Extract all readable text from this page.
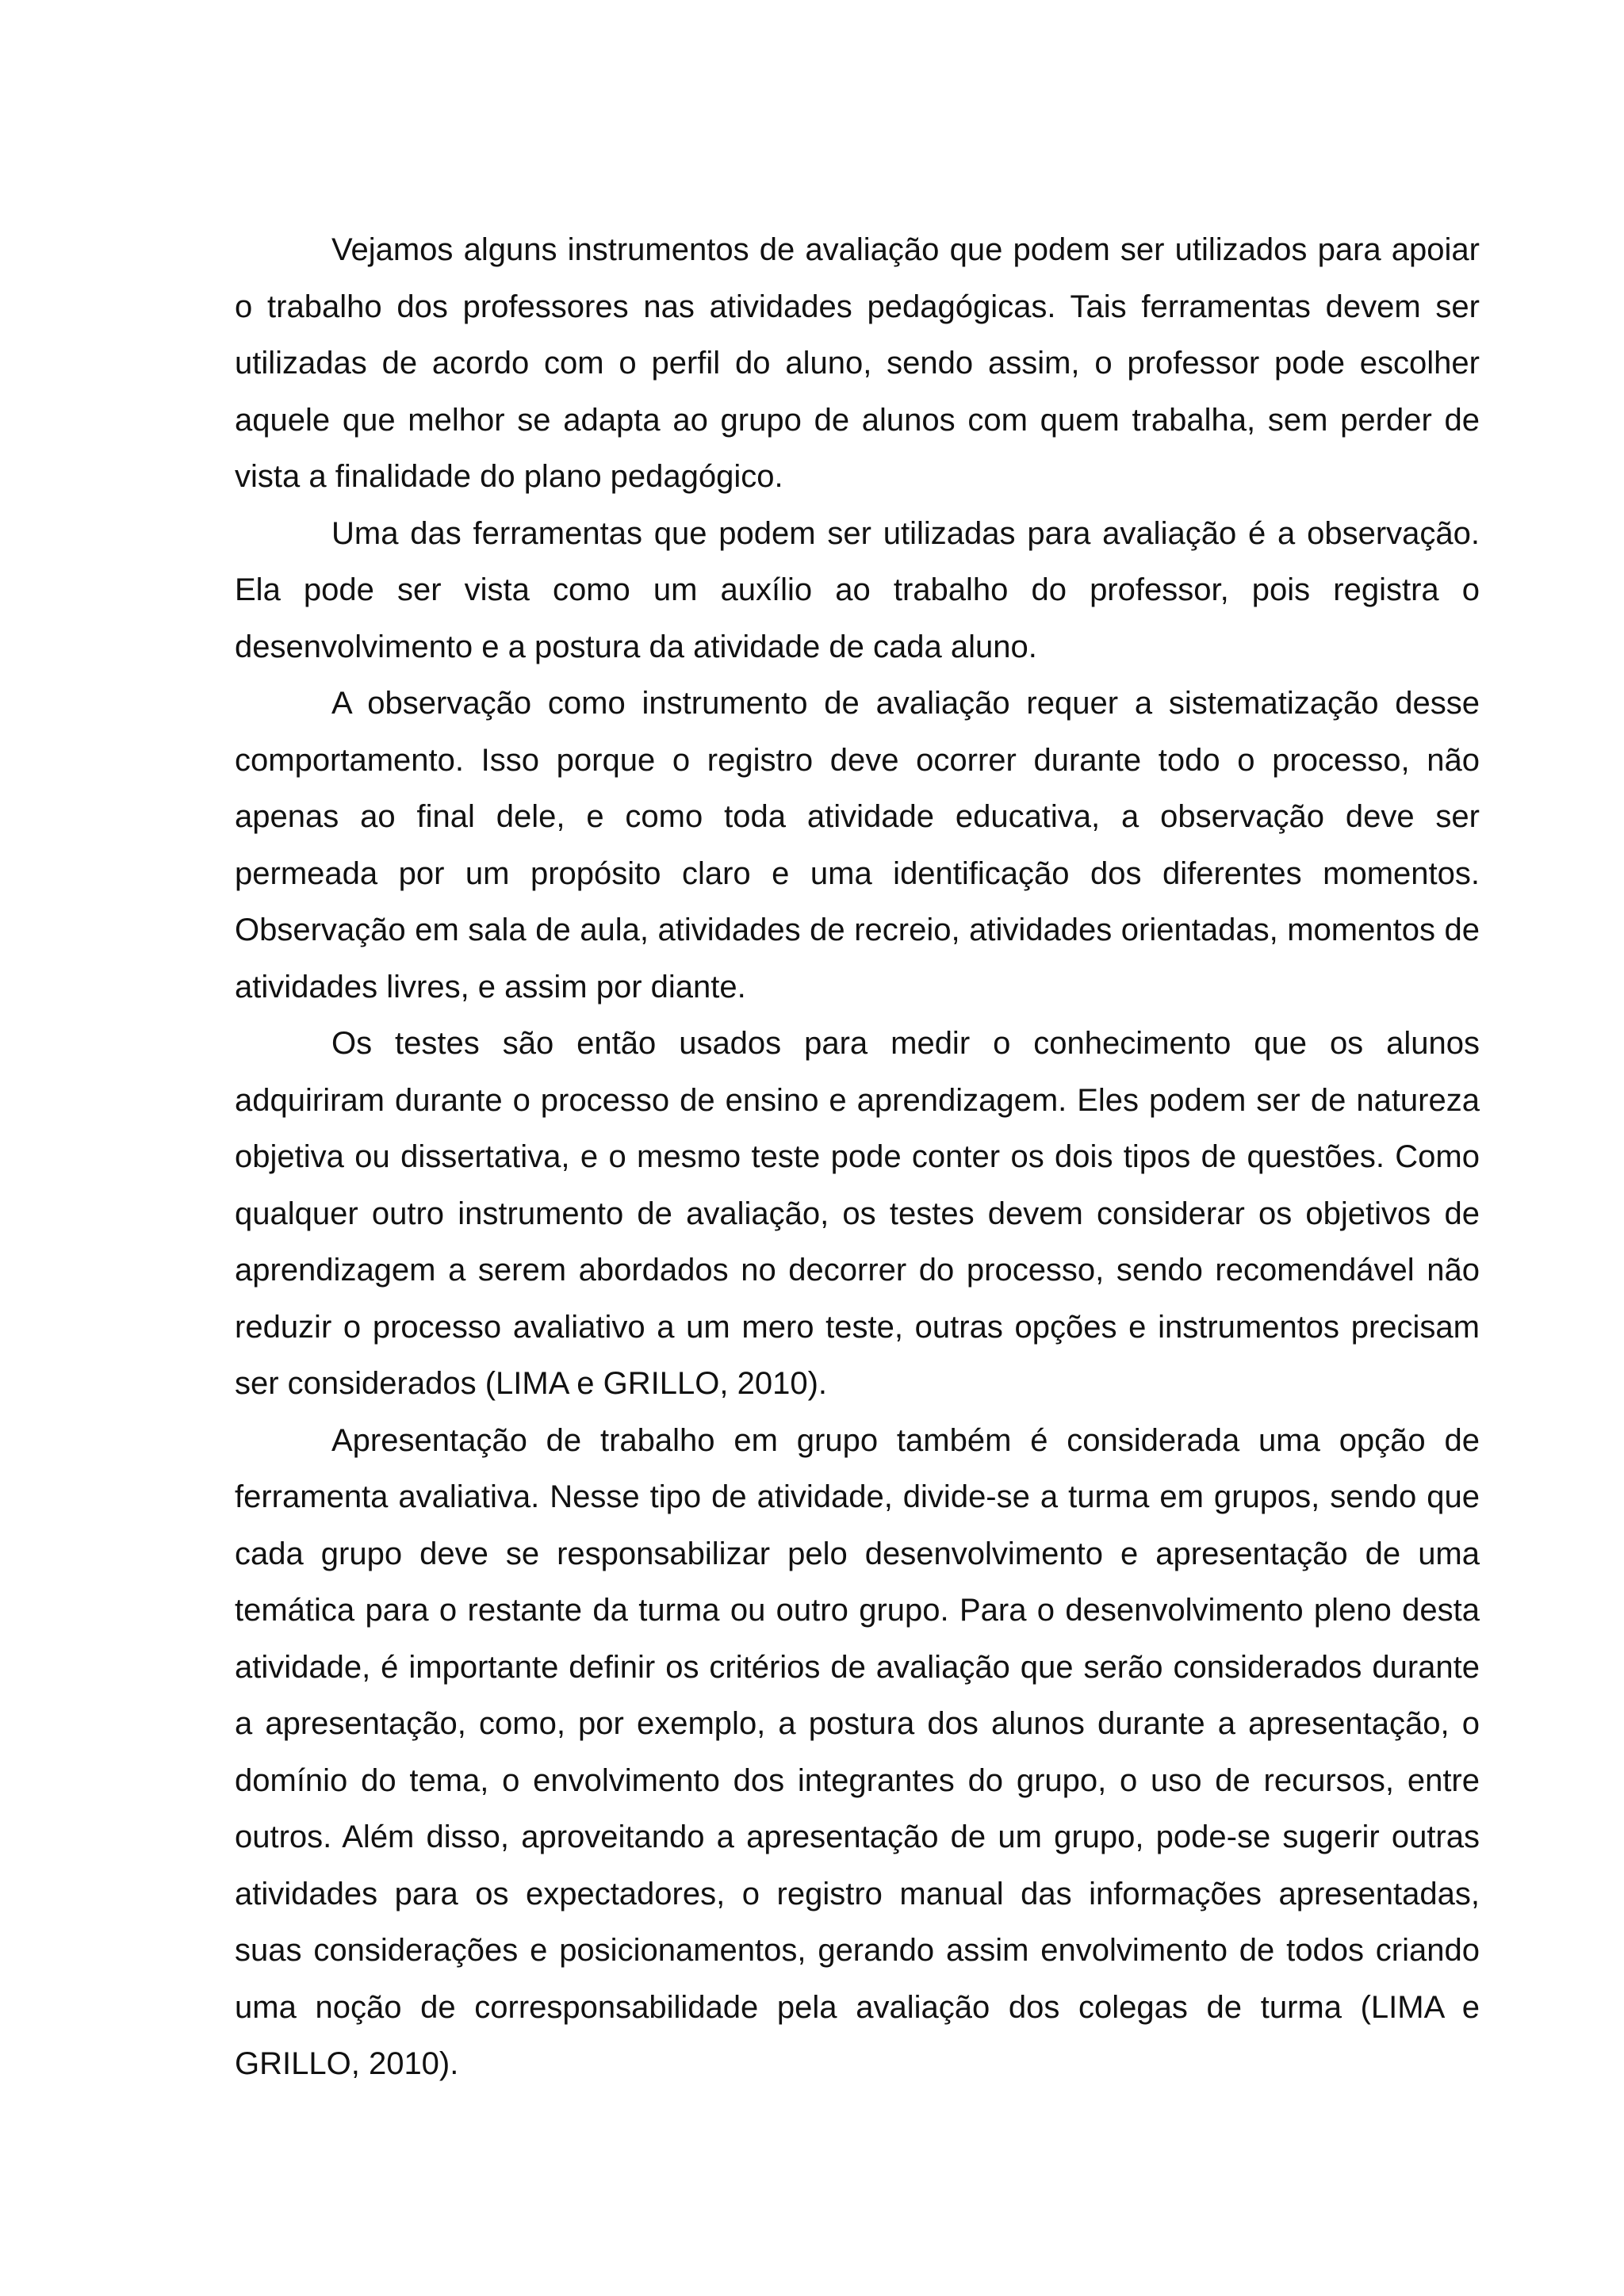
Vejamos alguns instrumentos de avaliação que podem ser utilizados para apoiar o trabalho dos professores nas atividades pedagógicas. Tais ferramentas devem ser utilizadas de acordo com o perfil do aluno, sendo assim, o professor pode escolher aquele que melhor se adapta ao grupo de alunos com quem trabalha, sem perder de vista a finalidade do plano pedagógico.

Uma das ferramentas que podem ser utilizadas para avaliação é a observação. Ela pode ser vista como um auxílio ao trabalho do professor, pois registra o desenvolvimento e a postura da atividade de cada aluno.

A observação como instrumento de avaliação requer a sistematização desse comportamento. Isso porque o registro deve ocorrer durante todo o processo, não apenas ao final dele, e como toda atividade educativa, a observação deve ser permeada por um propósito claro e uma identificação dos diferentes momentos. Observação em sala de aula, atividades de recreio, atividades orientadas, momentos de atividades livres, e assim por diante.

Os testes são então usados para medir o conhecimento que os alunos adquiriram durante o processo de ensino e aprendizagem. Eles podem ser de natureza objetiva ou dissertativa, e o mesmo teste pode conter os dois tipos de questões. Como qualquer outro instrumento de avaliação, os testes devem considerar os objetivos de aprendizagem a serem abordados no decorrer do processo, sendo recomendável não reduzir o processo avaliativo a um mero teste, outras opções e instrumentos precisam ser considerados (LIMA e GRILLO, 2010).

Apresentação de trabalho em grupo também é considerada uma opção de ferramenta avaliativa. Nesse tipo de atividade, divide-se a turma em grupos, sendo que cada grupo deve se responsabilizar pelo desenvolvimento e apresentação de uma temática para o restante da turma ou outro grupo. Para o desenvolvimento pleno desta atividade, é importante definir os critérios de avaliação que serão considerados durante a apresentação, como, por exemplo, a postura dos alunos durante a apresentação, o domínio do tema, o envolvimento dos integrantes do grupo, o uso de recursos, entre outros. Além disso, aproveitando a apresentação de um grupo, pode-se sugerir outras atividades para os expectadores, o registro manual das informações apresentadas, suas considerações e posicionamentos, gerando assim envolvimento de todos criando uma noção de corresponsabilidade pela avaliação dos colegas de turma (LIMA e GRILLO, 2010).
